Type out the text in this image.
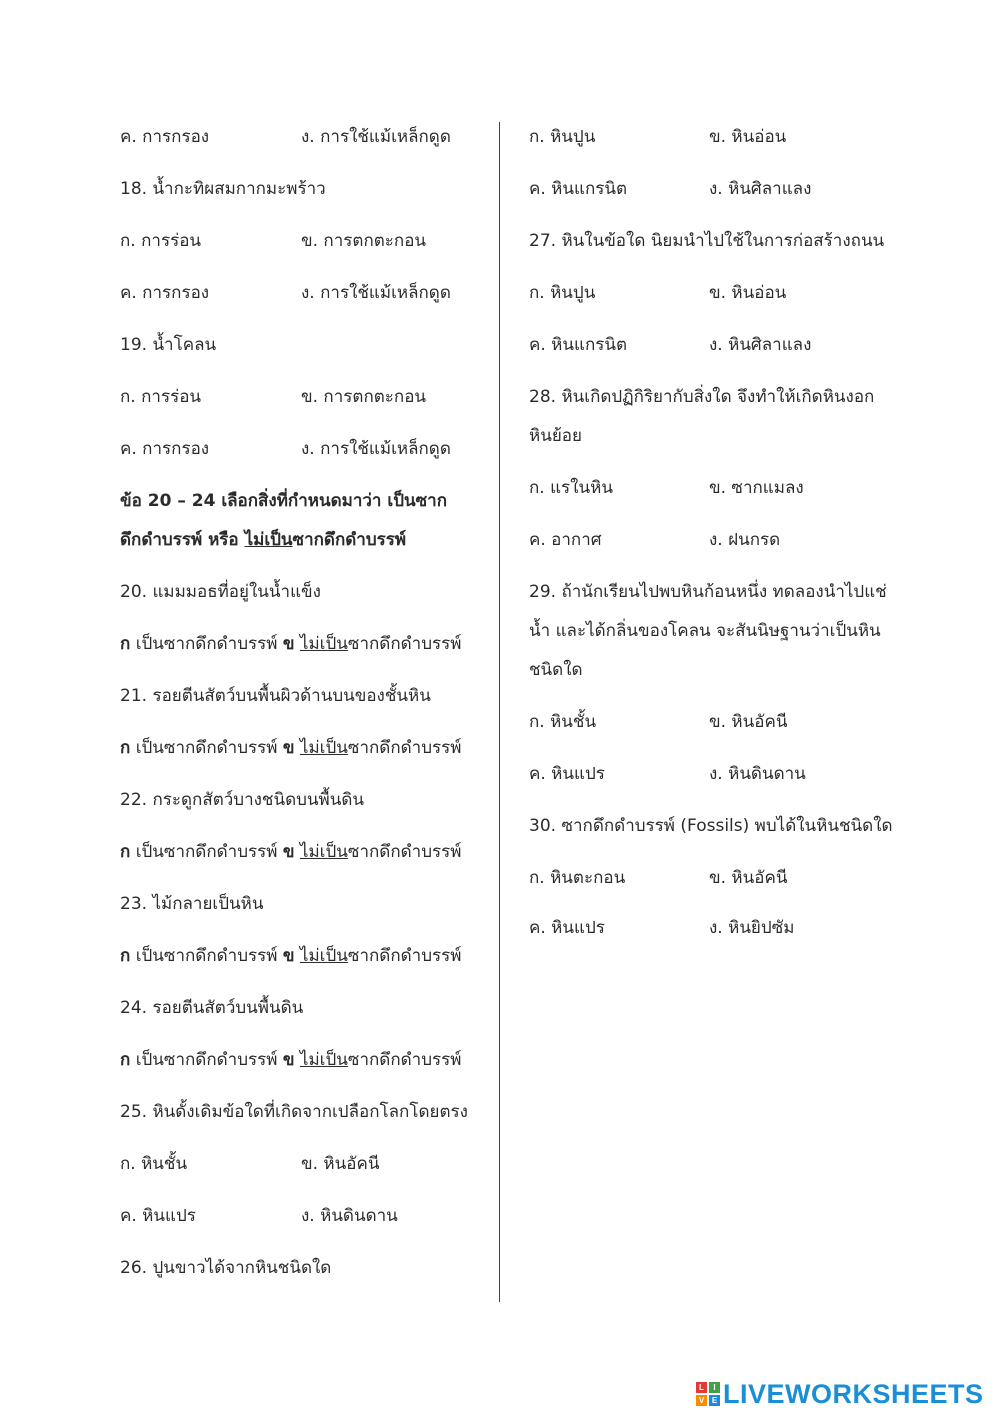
ค. การกรอง	ง. การใช้แม้เหล็กดูด
18. น้ำกะทิผสมกากมะพร้าว
ก. การร่อน	ข. การตกตะกอน
ค. การกรอง	ง. การใช้แม้เหล็กดูด
19. น้ำโคลน
ก. การร่อน	ข. การตกตะกอน
ค. การกรอง	ง. การใช้แม้เหล็กดูด
ข้อ 20 – 24 เลือกสิ่งที่กำหนดมาว่า เป็นซาก
ดึกดำบรรพ์ หรือ ไม่เป็นซากดึกดำบรรพ์
20. แมมมอธที่อยู่ในน้ำแข็ง
ก เป็นซากดึกดำบรรพ์ ข ไม่เป็นซากดึกดำบรรพ์
21. รอยตีนสัตว์บนพื้นผิวด้านบนของชั้นหิน
ก เป็นซากดึกดำบรรพ์ ข ไม่เป็นซากดึกดำบรรพ์
22. กระดูกสัตว์บางชนิดบนพื้นดิน
ก เป็นซากดึกดำบรรพ์ ข ไม่เป็นซากดึกดำบรรพ์
23. ไม้กลายเป็นหิน
ก เป็นซากดึกดำบรรพ์ ข ไม่เป็นซากดึกดำบรรพ์
24. รอยตีนสัตว์บนพื้นดิน
ก เป็นซากดึกดำบรรพ์ ข ไม่เป็นซากดึกดำบรรพ์
25. หินดั้งเดิมข้อใดที่เกิดจากเปลือกโลกโดยตรง
ก. หินชั้น	ข. หินอัคนี
ค. หินแปร	ง. หินดินดาน
26. ปูนขาวได้จากหินชนิดใด
ก. หินปูน	ข. หินอ่อน
ค. หินแกรนิต	ง. หินศิลาแลง
27. หินในข้อใด นิยมนำไปใช้ในการก่อสร้างถนน
ก. หินปูน	ข. หินอ่อน
ค. หินแกรนิต	ง. หินศิลาแลง
28. หินเกิดปฏิกิริยากับสิ่งใด จึงทำให้เกิดหินงอก
หินย้อย
ก. แรในหิน	ข. ซากแมลง
ค. อากาศ	ง. ฝนกรด
29. ถ้านักเรียนไปพบหินก้อนหนึ่ง ทดลองนำไปแช่
น้ำ และได้กลิ่นของโคลน จะสันนิษฐานว่าเป็นหิน
ชนิดใด
ก. หินชั้น	ข. หินอัคนี
ค. หินแปร	ง. หินดินดาน
30. ซากดึกดำบรรพ์ (Fossils) พบได้ในหินชนิดใด
ก. หินตะกอน	ข. หินอัคนี
ค. หินแปร	ง. หินยิปซัม
L	I
V E LIVEWORKSHEETS
